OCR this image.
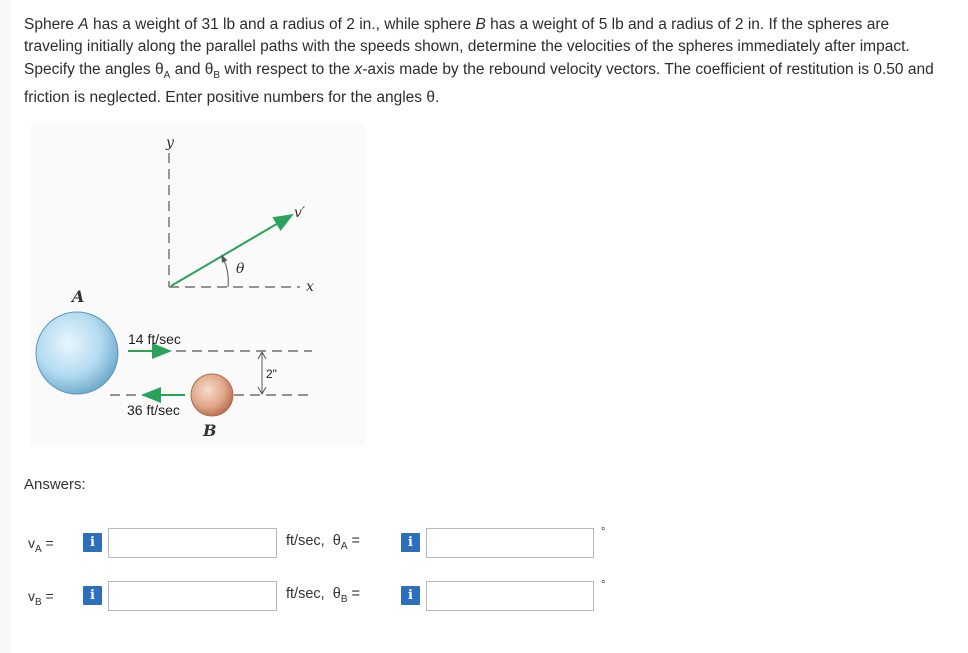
Sphere A has a weight of 31 lb and a radius of 2 in., while sphere B has a weight of 5 lb and a radius of 2 in. If the spheres are traveling initially along the parallel paths with the speeds shown, determine the velocities of the spheres immediately after impact. Specify the angles $\theta_A$ and $\theta_B$ with respect to the x-axis made by the rebound velocity vectors. The coefficient of restitution is 0.50 and friction is neglected. Enter positive numbers for the angles θ.
y
x
v′
θ
A
14 ft/sec
36 ft/sec
B
2"
Answers:
$v_A$ =	i	ft/sec, $\theta_A$ =	i
°
$v_B$ =	i	ft/sec, $\theta_B$ =	i
°
